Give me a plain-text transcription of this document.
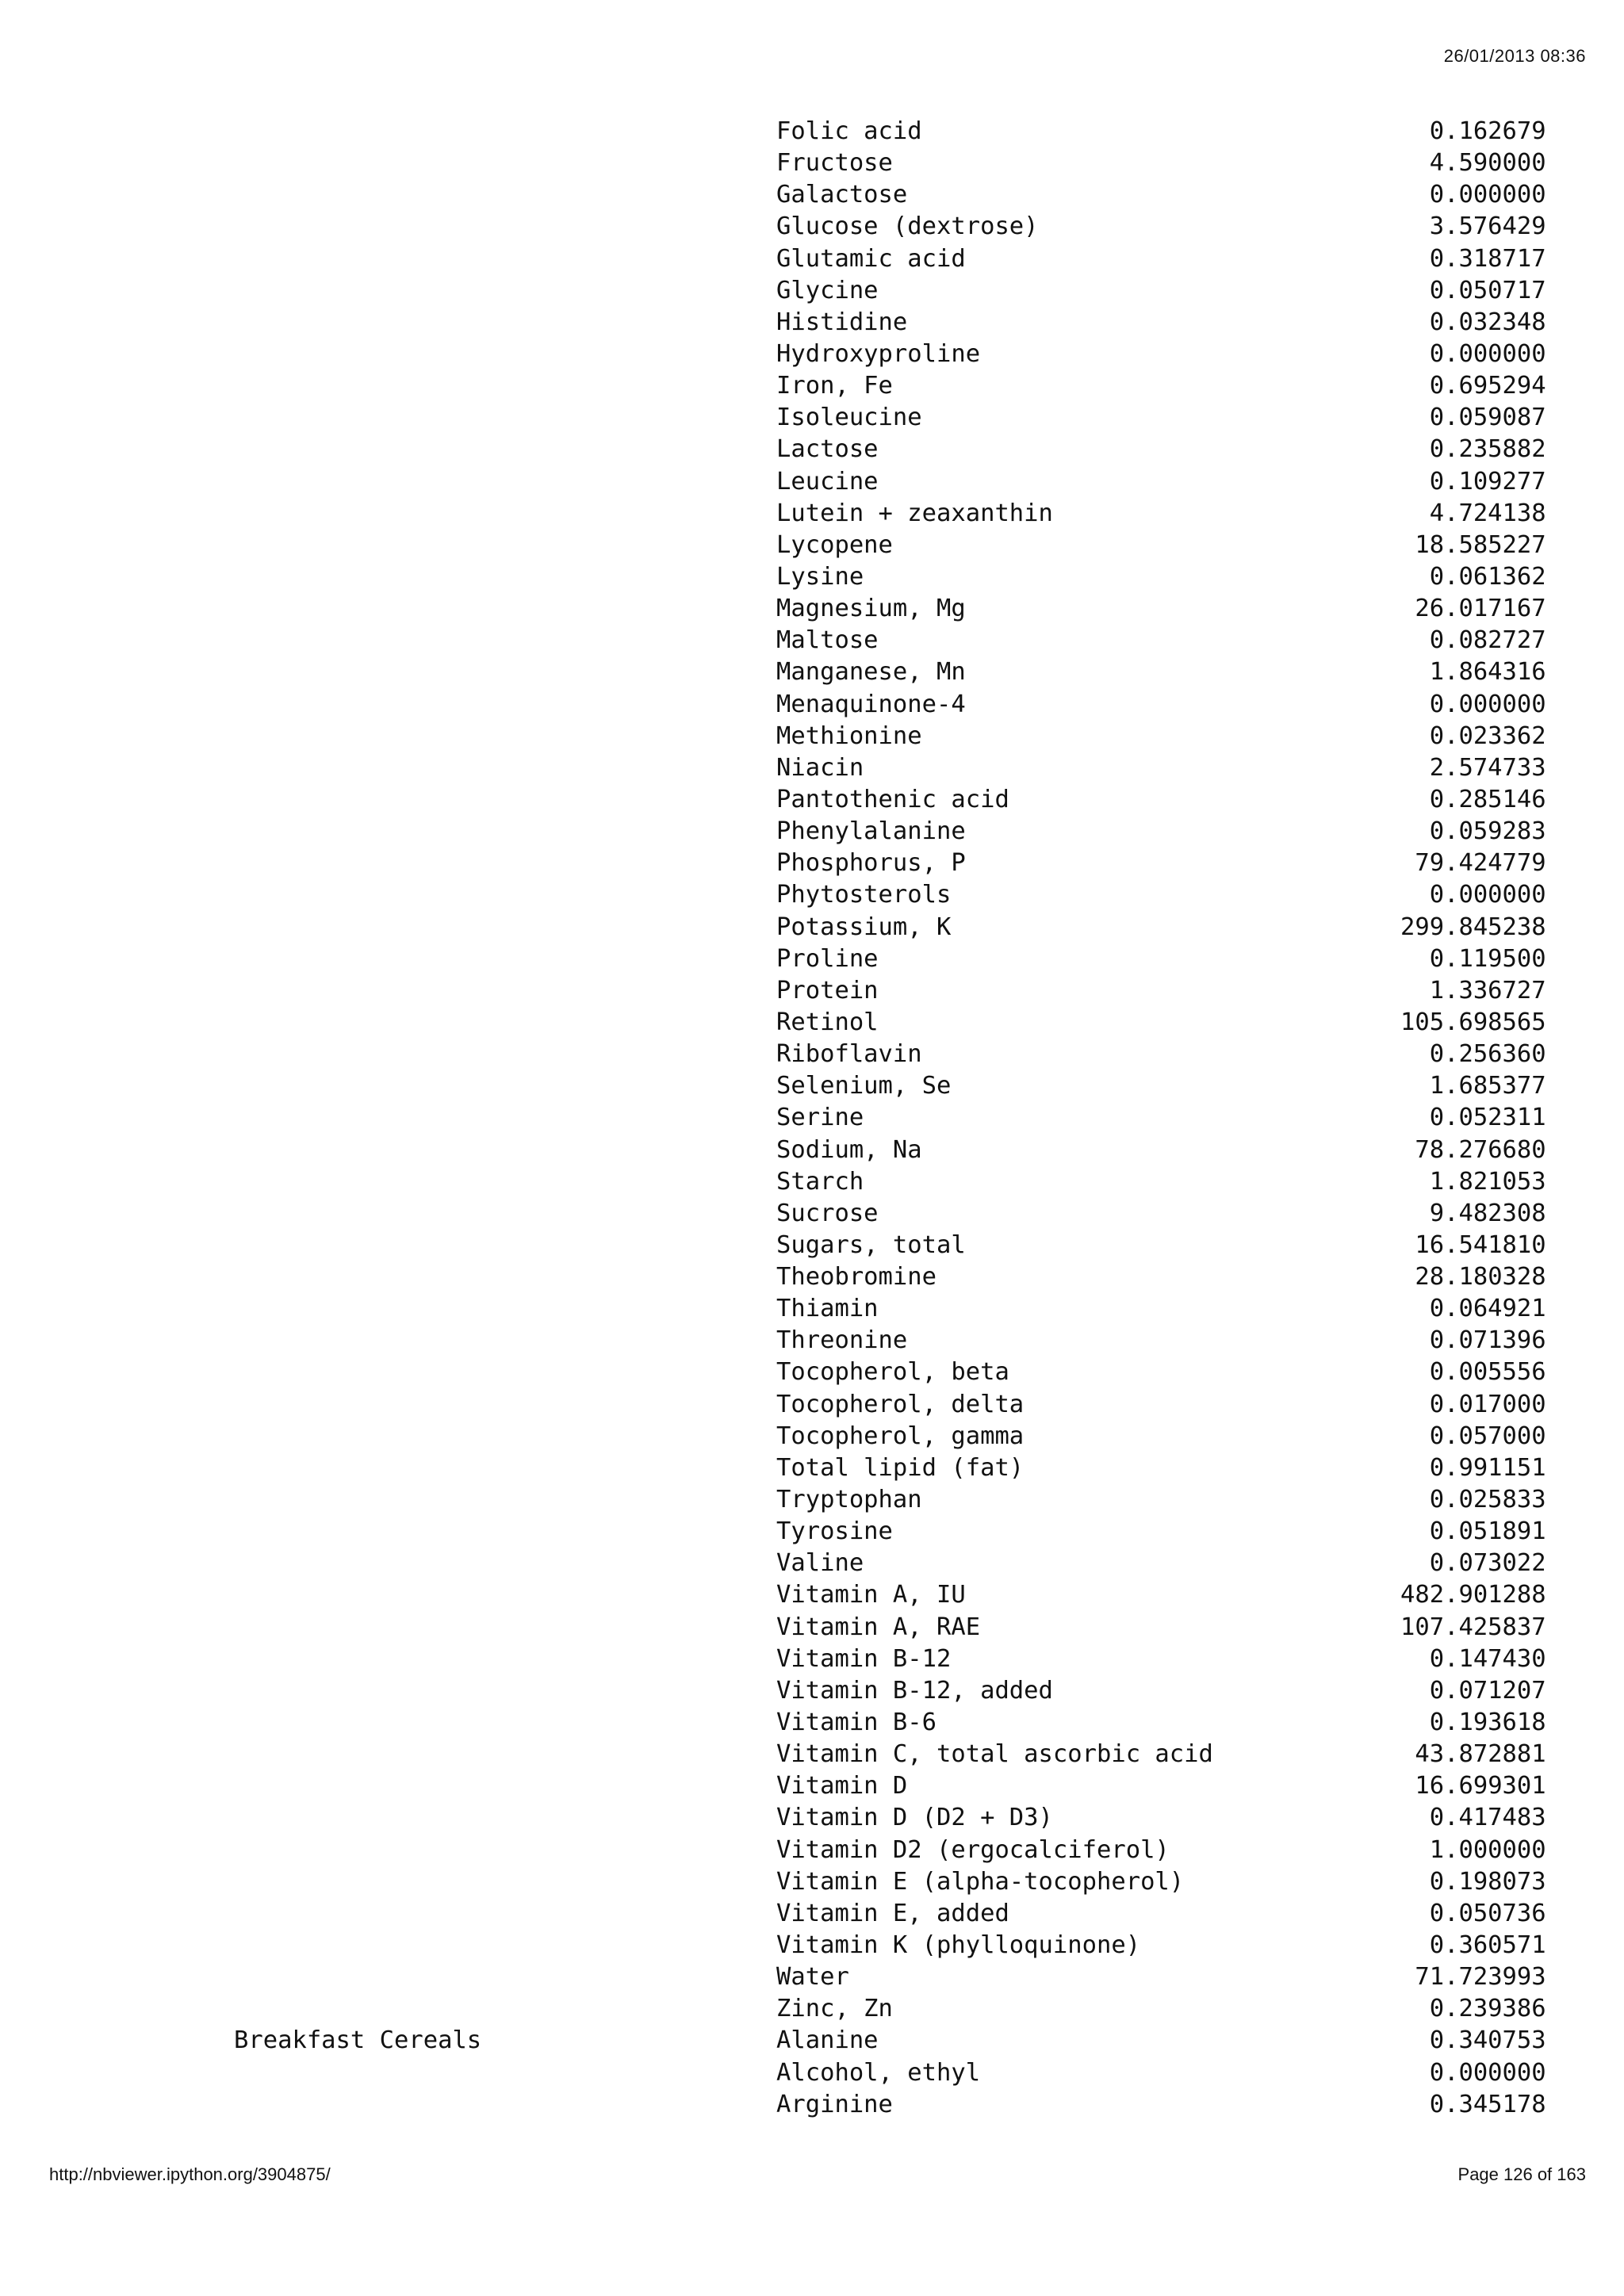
26/01/2013 08:36
	Folic acid	0.162679
	Fructose	4.590000
	Galactose	0.000000
	Glucose (dextrose)	3.576429
	Glutamic acid	0.318717
	Glycine	0.050717
	Histidine	0.032348
	Hydroxyproline	0.000000
	Iron, Fe	0.695294
	Isoleucine	0.059087
	Lactose	0.235882
	Leucine	0.109277
	Lutein + zeaxanthin	4.724138
	Lycopene	18.585227
	Lysine	0.061362
	Magnesium, Mg	26.017167
	Maltose	0.082727
	Manganese, Mn	1.864316
	Menaquinone-4	0.000000
	Methionine	0.023362
	Niacin	2.574733
	Pantothenic acid	0.285146
	Phenylalanine	0.059283
	Phosphorus, P	79.424779
	Phytosterols	0.000000
	Potassium, K	299.845238
	Proline	0.119500
	Protein	1.336727
	Retinol	105.698565
	Riboflavin	0.256360
	Selenium, Se	1.685377
	Serine	0.052311
	Sodium, Na	78.276680
	Starch	1.821053
	Sucrose	9.482308
	Sugars, total	16.541810
	Theobromine	28.180328
	Thiamin	0.064921
	Threonine	0.071396
	Tocopherol, beta	0.005556
	Tocopherol, delta	0.017000
	Tocopherol, gamma	0.057000
	Total lipid (fat)	0.991151
	Tryptophan	0.025833
	Tyrosine	0.051891
	Valine	0.073022
	Vitamin A, IU	482.901288
	Vitamin A, RAE	107.425837
	Vitamin B-12	0.147430
	Vitamin B-12, added	0.071207
	Vitamin B-6	0.193618
	Vitamin C, total ascorbic acid	43.872881
	Vitamin D	16.699301
	Vitamin D (D2 + D3)	0.417483
	Vitamin D2 (ergocalciferol)	1.000000
	Vitamin E (alpha-tocopherol)	0.198073
	Vitamin E, added	0.050736
	Vitamin K (phylloquinone)	0.360571
	Water	71.723993
	Zinc, Zn	0.239386
Breakfast Cereals	Alanine	0.340753
	Alcohol, ethyl	0.000000
	Arginine	0.345178
http://nbviewer.ipython.org/3904875/	Page 126 of 163
